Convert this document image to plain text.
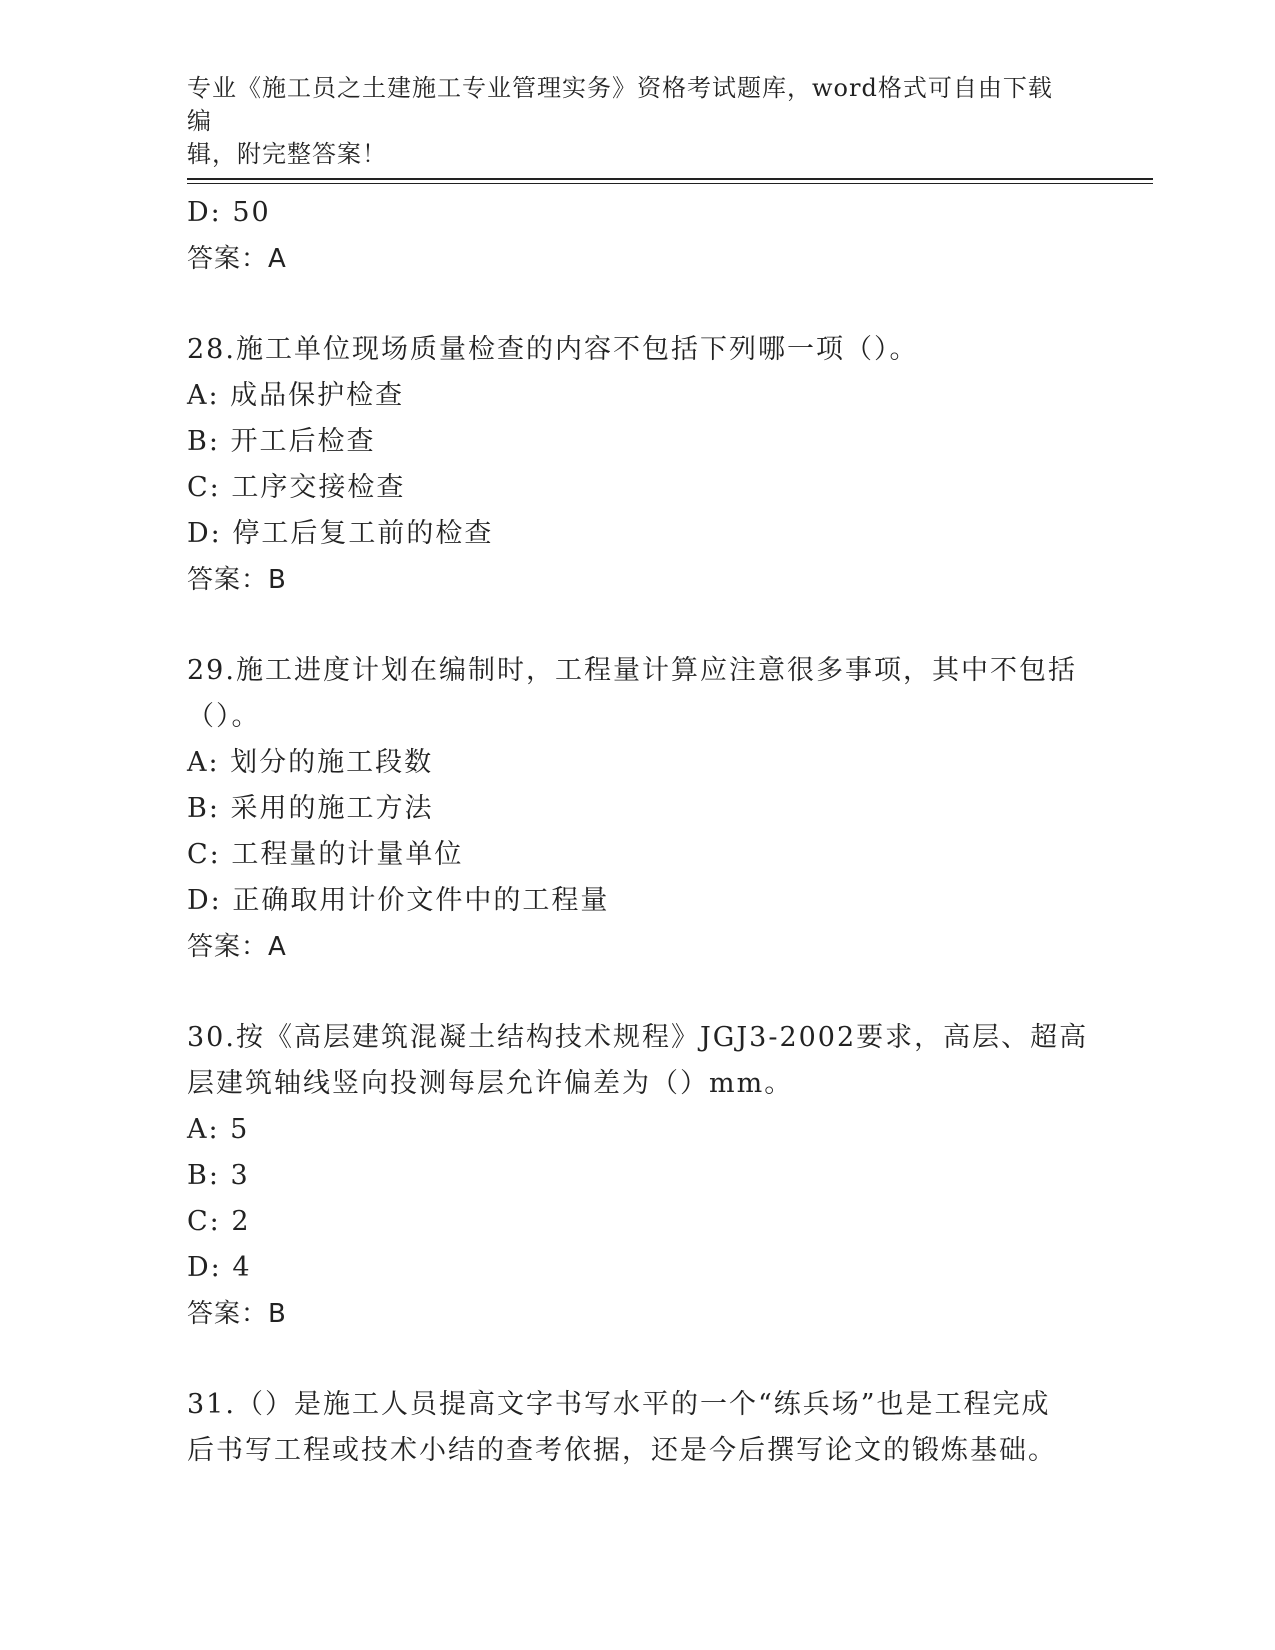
专业《施工员之土建施工专业管理实务》资格考试题库，word格式可自由下载编
辑，附完整答案！
D: 50
答案：A
28.施工单位现场质量检查的内容不包括下列哪一项（）。
A: 成品保护检查
B: 开工后检查
C: 工序交接检查
D: 停工后复工前的检查
答案：B
29.施工进度计划在编制时，工程量计算应注意很多事项，其中不包括
（）。
A: 划分的施工段数
B: 采用的施工方法
C: 工程量的计量单位
D: 正确取用计价文件中的工程量
答案：A
30.按《高层建筑混凝土结构技术规程》JGJ3-2002要求，高层、超高
层建筑轴线竖向投测每层允许偏差为（）mm。
A: 5
B: 3
C: 2
D: 4
答案：B
31.（）是施工人员提高文字书写水平的一个“练兵场”也是工程完成
后书写工程或技术小结的查考依据，还是今后撰写论文的锻炼基础。
